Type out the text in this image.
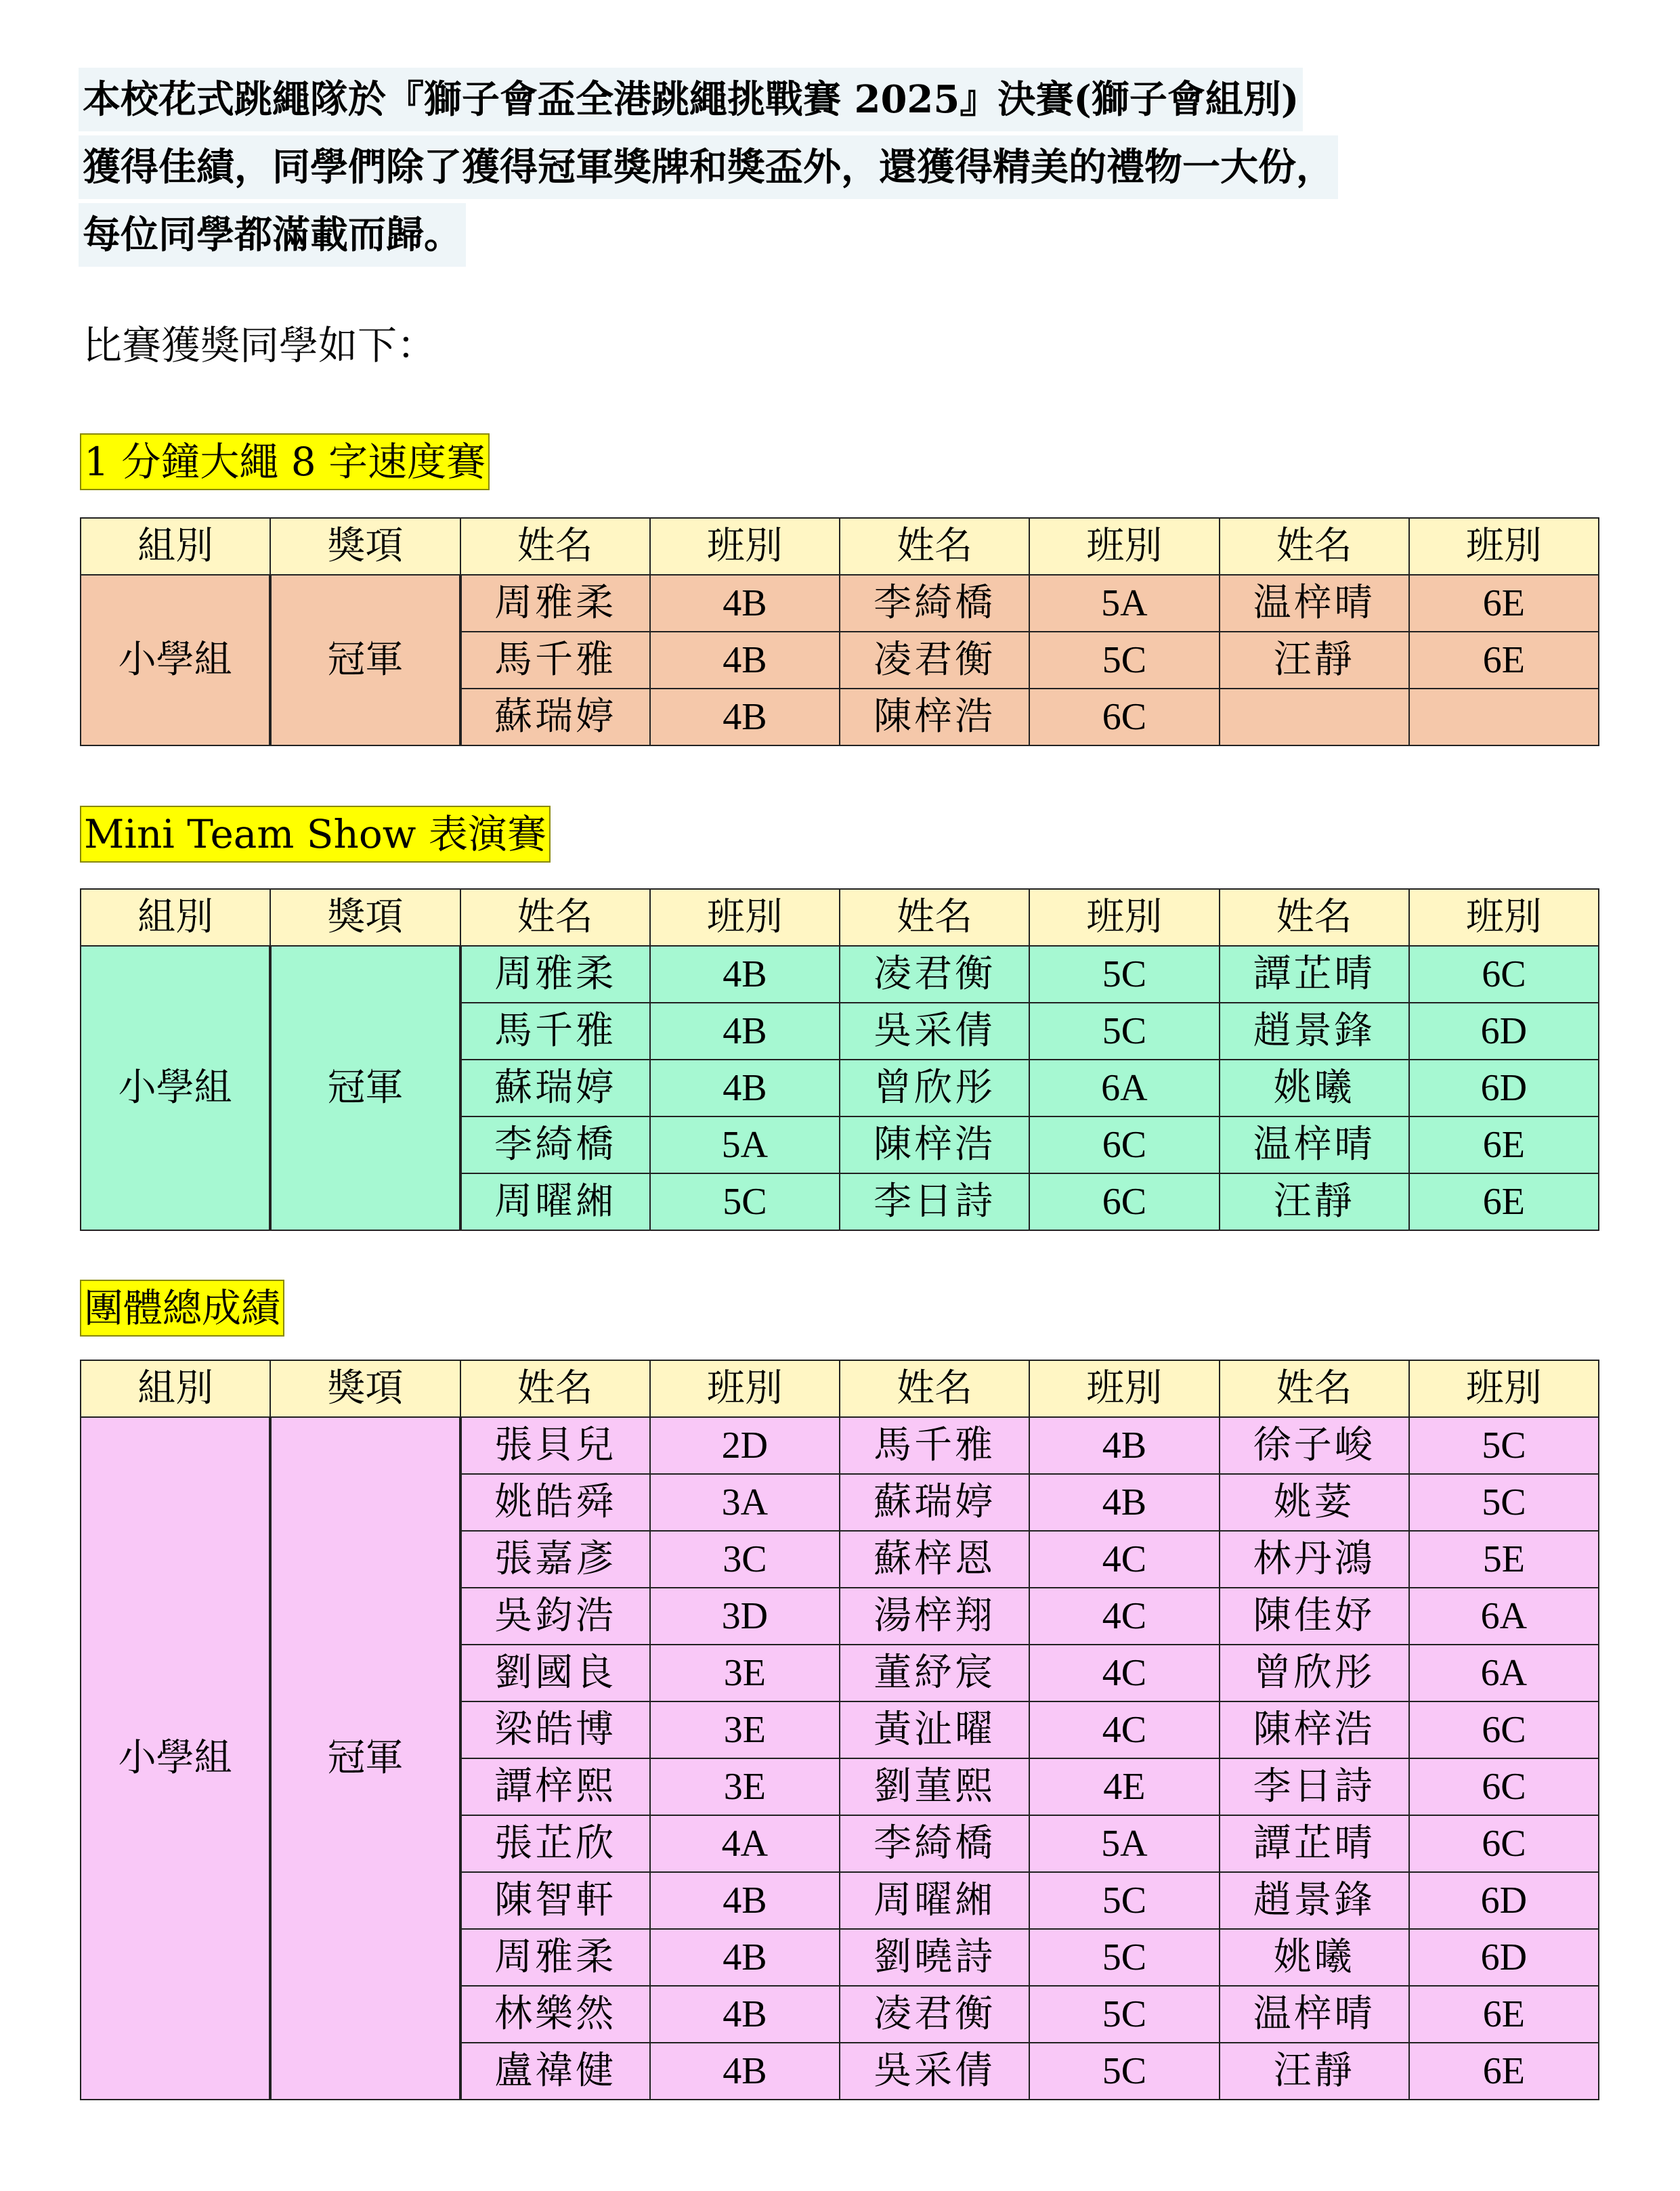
本校花式跳繩隊於『獅子會盃全港跳繩挑戰賽 2025』決賽(獅子會組別)
獲得佳績，同學們除了獲得冠軍獎牌和獎盃外，還獲得精美的禮物一大份，
每位同學都滿載而歸。
比賽獲獎同學如下：
1 分鐘大繩 8 字速度賽
組別	獎項	姓名	班別	姓名	班別	姓名	班別
小學組	冠軍	周雅柔	4B	李綺橋	5A	温梓晴	6E
		馬千雅	4B	凌君衡	5C	汪靜	6E
		蘇瑞婷	4B	陳梓浩	6C		
Mini Team Show 表演賽
組別	獎項	姓名	班別	姓名	班別	姓名	班別
小學組	冠軍	周雅柔	4B	凌君衡	5C	譚芷晴	6C
		馬千雅	4B	吳采倩	5C	趙景鋒	6D
		蘇瑞婷	4B	曾欣彤	6A	姚曦	6D
		李綺橋	5A	陳梓浩	6C	温梓晴	6E
		周曜緗	5C	李日詩	6C	汪靜	6E
團體總成績
組別	獎項	姓名	班別	姓名	班別	姓名	班別
小學組	冠軍	張貝兒	2D	馬千雅	4B	徐子峻	5C
		姚皓舜	3A	蘇瑞婷	4B	姚荽	5C
		張嘉彥	3C	蘇梓恩	4C	林丹鴻	5E
		吳鈞浩	3D	湯梓翔	4C	陳佳妤	6A
		劉國良	3E	董紓宸	4C	曾欣彤	6A
		梁皓博	3E	黃沚曜	4C	陳梓浩	6C
		譚梓熙	3E	劉菫熙	4E	李日詩	6C
		張芷欣	4A	李綺橋	5A	譚芷晴	6C
		陳智軒	4B	周曜緗	5C	趙景鋒	6D
		周雅柔	4B	劉曉詩	5C	姚曦	6D
		林樂然	4B	凌君衡	5C	温梓晴	6E
		盧禕健	4B	吳采倩	5C	汪靜	6E
